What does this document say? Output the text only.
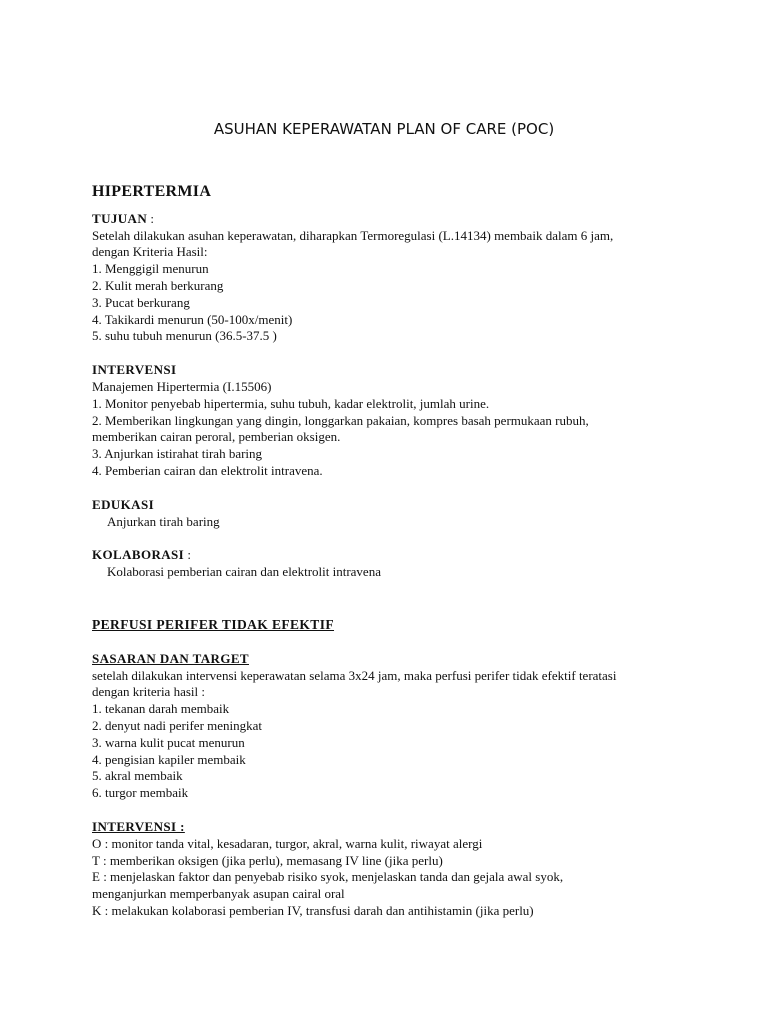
ASUHAN KEPERAWATAN PLAN OF CARE (POC)

HIPERTERMIA

TUJUAN :

Setelah dilakukan asuhan keperawatan, diharapkan Termoregulasi (L.14134) membaik dalam 6 jam,

dengan Kriteria Hasil:

1. Menggigil menurun

2. Kulit merah berkurang

3. Pucat berkurang

4. Takikardi menurun (50-100x/menit)

5. suhu tubuh menurun (36.5-37.5 )

INTERVENSI

Manajemen Hipertermia (I.15506)

1. Monitor penyebab hipertermia, suhu tubuh, kadar elektrolit, jumlah urine.

2. Memberikan lingkungan yang dingin, longgarkan pakaian, kompres basah permukaan rubuh,

memberikan cairan peroral, pemberian oksigen.

3. Anjurkan istirahat tirah baring

4. Pemberian cairan dan elektrolit intravena.

EDUKASI

Anjurkan tirah baring

KOLABORASI :

Kolaborasi pemberian cairan dan elektrolit intravena

PERFUSI PERIFER TIDAK EFEKTIF

SASARAN DAN TARGET

setelah dilakukan intervensi keperawatan selama 3x24 jam, maka perfusi perifer tidak efektif teratasi

dengan kriteria hasil :

1. tekanan darah membaik

2. denyut nadi perifer meningkat

3. warna kulit pucat menurun

4. pengisian kapiler membaik

5. akral membaik

6. turgor membaik

INTERVENSI :

O : monitor tanda vital, kesadaran, turgor, akral, warna kulit, riwayat alergi

T : memberikan oksigen (jika perlu), memasang IV line (jika perlu)

E : menjelaskan faktor dan penyebab risiko syok, menjelaskan tanda dan gejala awal syok,

menganjurkan memperbanyak asupan cairal oral

K : melakukan kolaborasi pemberian IV, transfusi darah dan antihistamin (jika perlu)
